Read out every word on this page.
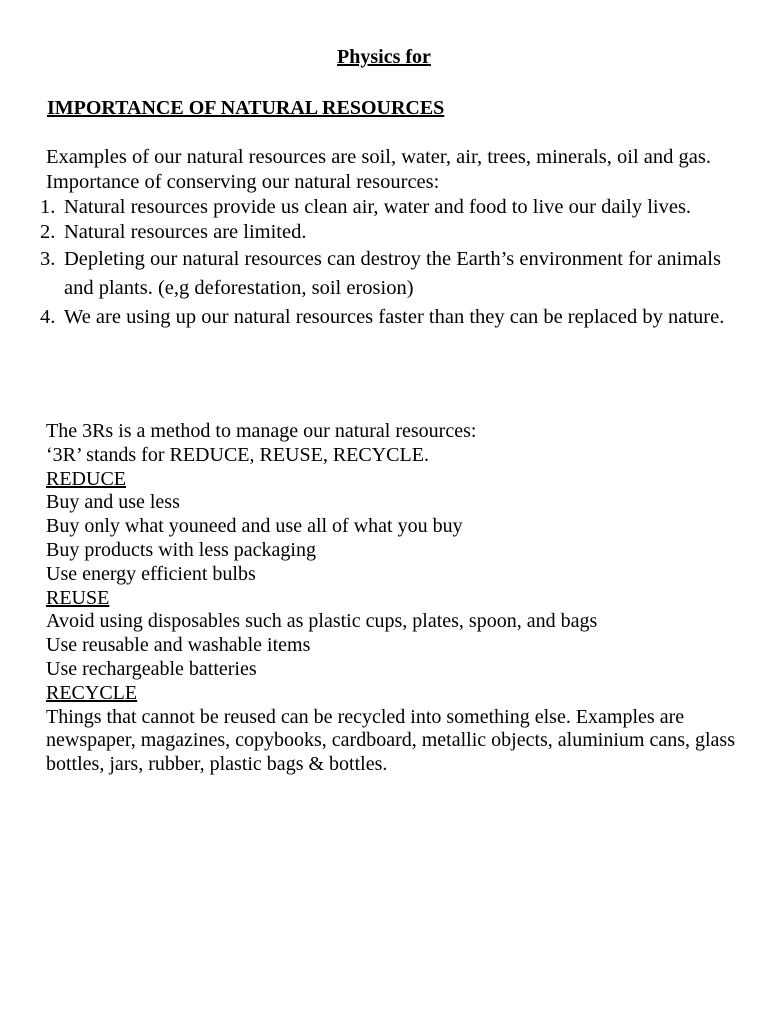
Physics for
IMPORTANCE OF NATURAL RESOURCES

Examples of our natural resources are soil, water, air, trees, minerals, oil and gas.

Importance of conserving our natural resources:

1. Natural resources provide us clean air, water and food to live our daily lives.
2. Natural resources are limited.
3. Depleting our natural resources can destroy the Earth’s environment for animals and plants. (e,g deforestation, soil erosion)
4. We are using up our natural resources faster than they can be replaced by nature.

The 3Rs is a method to manage our natural resources:

‘3R’ stands for REDUCE, REUSE, RECYCLE.

REDUCE

Buy and use less

Buy only what youneed and use all of what you buy

Buy products with less packaging

Use energy efficient bulbs

REUSE

Avoid using disposables such as plastic cups, plates, spoon, and bags

Use reusable and washable items

Use rechargeable batteries

RECYCLE

Things that cannot be reused can be recycled into something else. Examples are newspaper, magazines, copybooks, cardboard, metallic objects, aluminium cans, glass bottles, jars, rubber, plastic bags & bottles.
